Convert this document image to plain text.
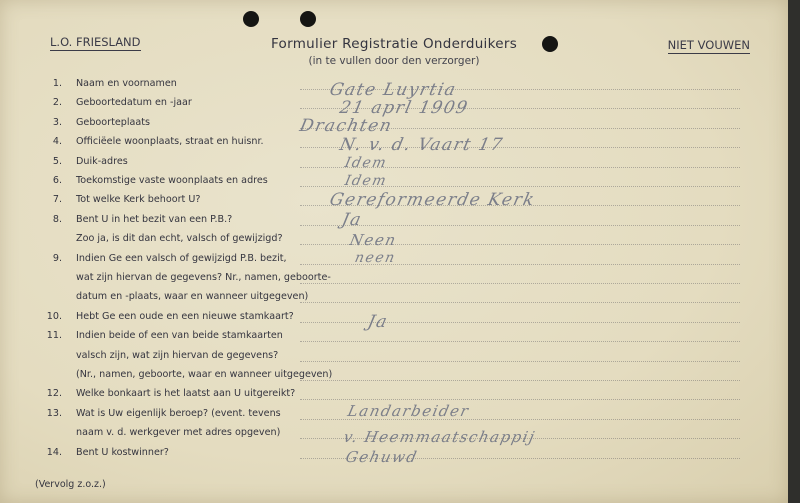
L.O. FRIESLAND	Formulier Registratie Onderduikers
(in te vullen door den verzorger)
NIET VOUWEN
1. Naam en voornamen
2. Geboortedatum en -jaar
3. Geboorteplaats
4. Officiëele woonplaats, straat en huisnr.
5. Duik-adres
6. Toekomstige vaste woonplaats en adres
7. Tot welke Kerk behoort U?
8. Bent U in het bezit van een P.B.?
Zoo ja, is dit dan echt, valsch of gewijzigd?
9. Indien Ge een valsch of gewijzigd P.B. bezit,
wat zijn hiervan de gegevens? Nr., namen, geboorte-
datum en -plaats, waar en wanneer uitgegeven)
10. Hebt Ge een oude en een nieuwe stamkaart?
11. Indien beide of een van beide stamkaarten
valsch zijn, wat zijn hiervan de gegevens?
(Nr., namen, geboorte, waar en wanneer uitgegeven)
12. Welke bonkaart is het laatst aan U uitgereikt?
13. Wat is Uw eigenlijk beroep? (event. tevens
naam v. d. werkgever met adres opgeven)
14. Bent U kostwinner?
Gate Luyrtia
21 aprl 1909
Drachten
N. v. d. Vaart 17
Idem
Idem
Gereformeerde Kerk
Ja
Neen
neen
Ja
Landarbeider
v. Heemmaatschappij
Gehuwd
(Vervolg z.o.z.)
